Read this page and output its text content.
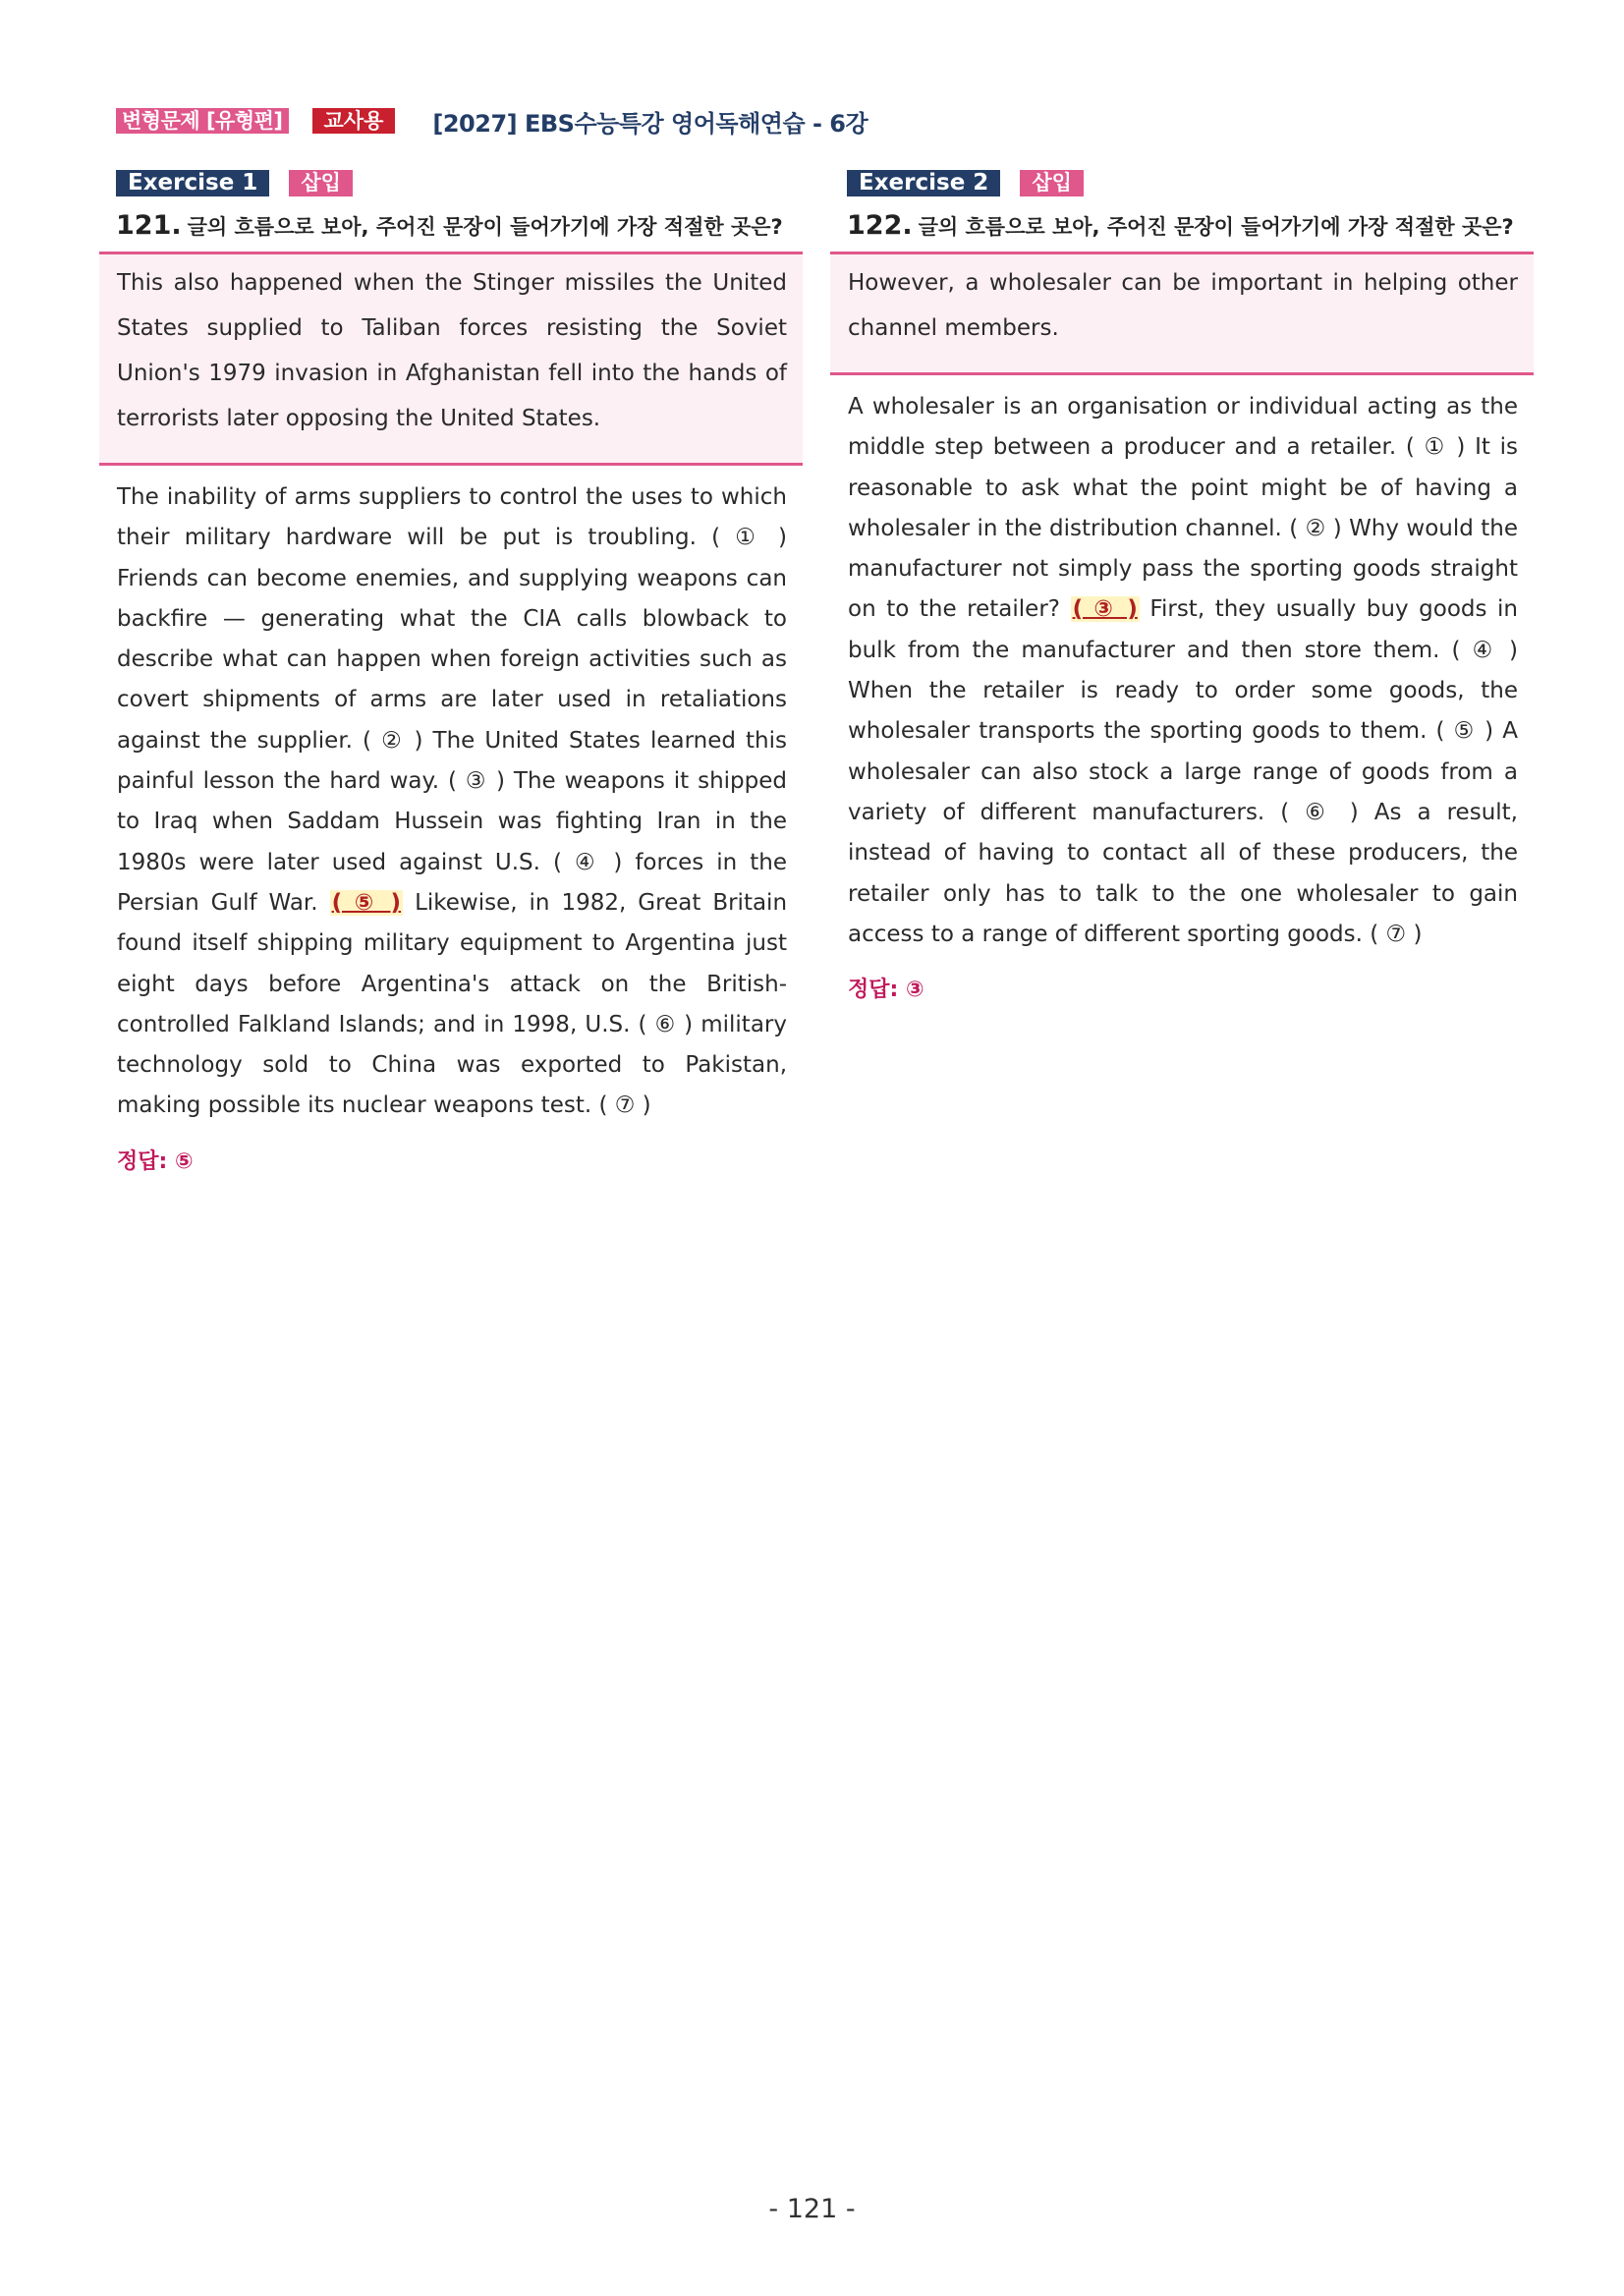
변형문제 [유형편]	교사용	[2027] EBS수능특강 영어독해연습 - 6강
Exercise 1	삽입
121. 글의 흐름으로 보아, 주어진 문장이 들어가기에 가장 적절한 곳은?

This also happened when the Stinger missiles the United States supplied to Taliban forces resisting the Soviet Union's 1979 invasion in Afghanistan fell into the hands of terrorists later opposing the United States.

The inability of arms suppliers to control the uses to which their military hardware will be put is troubling. ( ① ) Friends can become enemies, and supplying weapons can backfire — generating what the CIA calls blowback to describe what can happen when foreign activities such as covert shipments of arms are later used in retaliations against the supplier. ( ② ) The United States learned this painful lesson the hard way. ( ③ ) The weapons it shipped to Iraq when Saddam Hussein was fighting Iran in the 1980s were later used against U.S. ( ④ ) forces in the Persian Gulf War. ( ⑤ ) Likewise, in 1982, Great Britain found itself shipping military equipment to Argentina just eight days before Argentina's attack on the British-controlled Falkland Islands; and in 1998, U.S. ( ⑥ ) military technology sold to China was exported to Pakistan, making possible its nuclear weapons test. ( ⑦ )
정답: ⑤
Exercise 2	삽입
122. 글의 흐름으로 보아, 주어진 문장이 들어가기에 가장 적절한 곳은?

However, a wholesaler can be important in helping other channel members.

A wholesaler is an organisation or individual acting as the middle step between a producer and a retailer. ( ① ) It is reasonable to ask what the point might be of having a wholesaler in the distribution channel. ( ② ) Why would the manufacturer not simply pass the sporting goods straight on to the retailer? ( ③ ) First, they usually buy goods in bulk from the manufacturer and then store them. ( ④ ) When the retailer is ready to order some goods, the wholesaler transports the sporting goods to them. ( ⑤ ) A wholesaler can also stock a large range of goods from a variety of different manufacturers. ( ⑥ ) As a result, instead of having to contact all of these producers, the retailer only has to talk to the one wholesaler to gain access to a range of different sporting goods. ( ⑦ )
정답: ③
- 121 -
